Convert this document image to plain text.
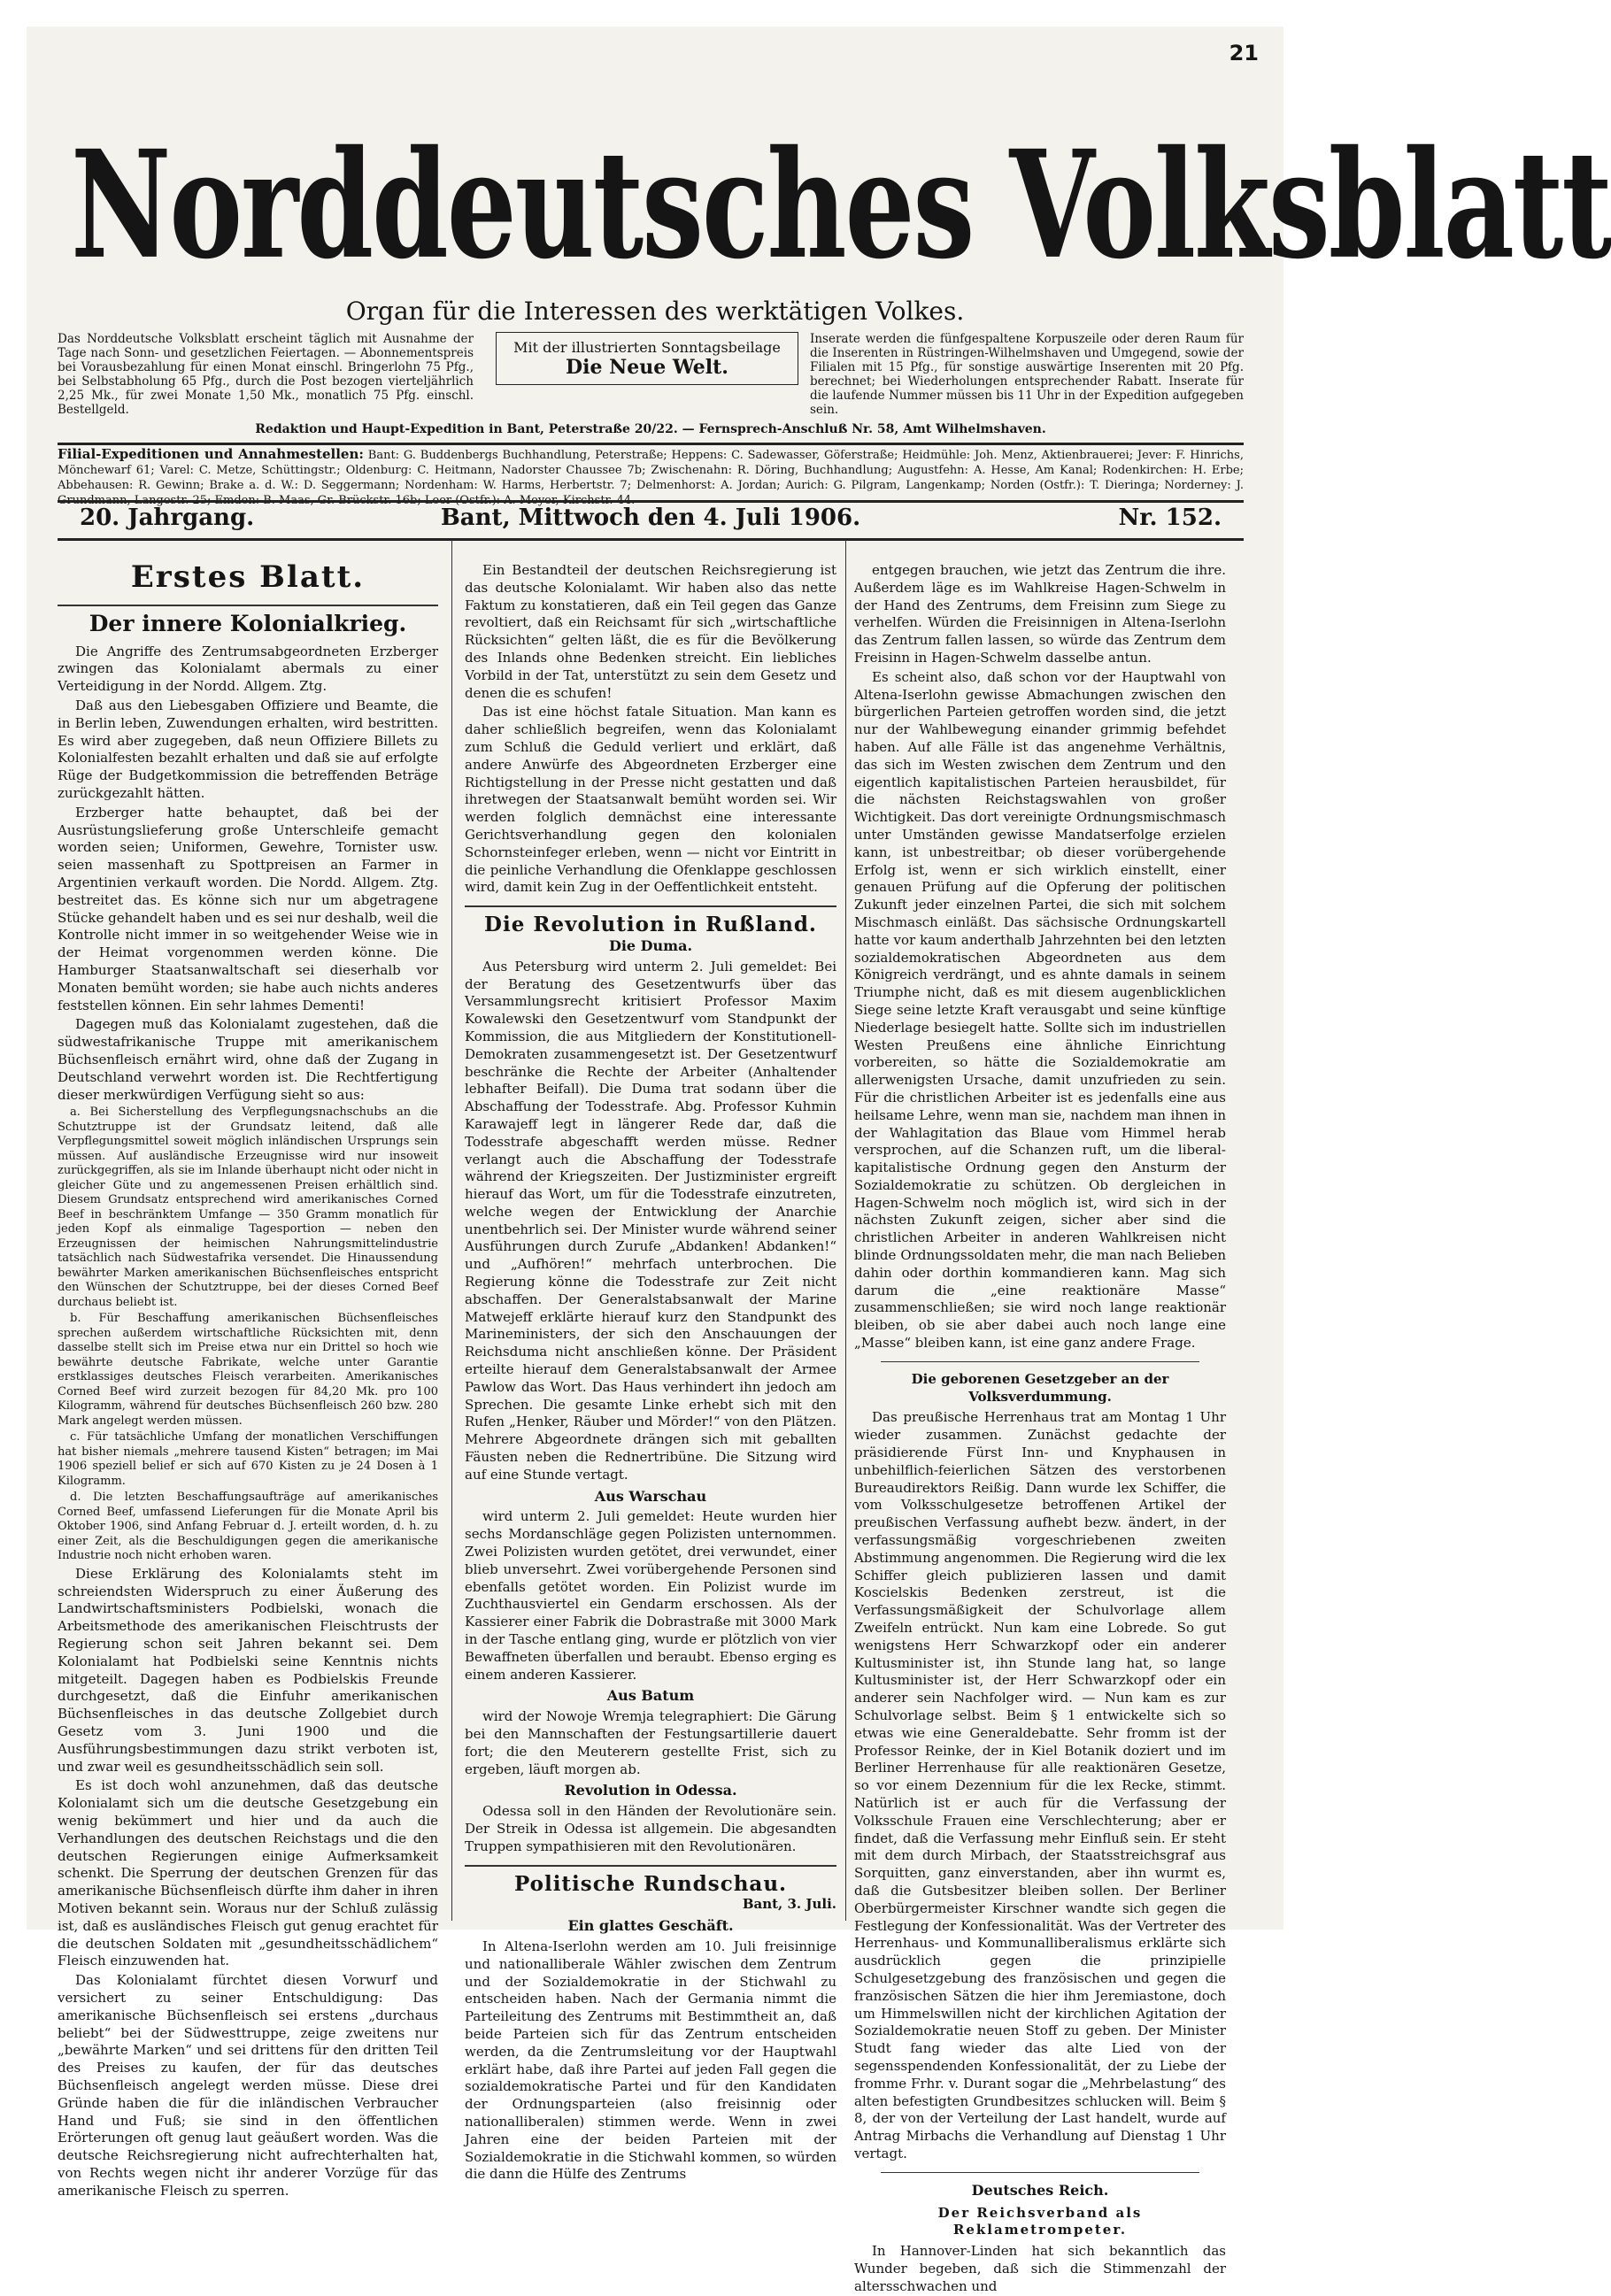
21
Norddeutsches Volksblatt
Organ für die Interessen des werktätigen Volkes.
Das Norddeutsche Volksblatt erscheint täglich mit Ausnahme der Tage nach Sonn- und gesetzlichen Feiertagen. — Abonnementspreis bei Vorausbezahlung für einen Monat einschl. Bringerlohn 75 Pfg., bei Selbstabholung 65 Pfg., durch die Post bezogen vierteljährlich 2,25 Mk., für zwei Monate 1,50 Mk., monatlich 75 Pfg. einschl. Bestellgeld.
Mit der illustrierten Sonntagsbeilage
Die Neue Welt.
Inserate werden die fünfgespaltene Korpuszeile oder deren Raum für die Inserenten in Rüstringen-Wilhelmshaven und Umgegend, sowie der Filialen mit 15 Pfg., für sonstige auswärtige Inserenten mit 20 Pfg. berechnet; bei Wiederholungen entsprechender Rabatt. Inserate für die laufende Nummer müssen bis 11 Uhr in der Expedition aufgegeben sein.
Redaktion und Haupt-Expedition in Bant, Peterstraße 20/22. — Fernsprech-Anschluß Nr. 58, Amt Wilhelmshaven.
Filial-Expeditionen und Annahmestellen: Bant: G. Buddenbergs Buchhandlung, Peterstraße; Heppens: C. Sadewasser, Göferstraße; Heidmühle: Joh. Menz, Aktienbrauerei; Jever: F. Hinrichs, Mönchewarf 61; Varel: C. Metze, Schüttingstr.; Oldenburg: C. Heitmann, Nadorster Chaussee 7b; Zwischenahn: R. Döring, Buchhandlung; Augustfehn: A. Hesse, Am Kanal; Rodenkirchen: H. Erbe; Abbehausen: R. Gewinn; Brake a. d. W.: D. Seggermann; Nordenham: W. Harms, Herbertstr. 7; Delmenhorst: A. Jordan; Aurich: G. Pilgram, Langenkamp; Norden (Ostfr.): T. Dieringa; Norderney: J. Grundmann, Langestr. 25; Emden: B. Maas, Gr. Brückstr. 16b; Leer (Ostfr.): A. Meyer, Kirchstr. 44.
20. Jahrgang.	Bant, Mittwoch den 4. Juli 1906.	Nr. 152.
Erstes Blatt.
Der innere Kolonialkrieg.

Die Angriffe des Zentrumsabgeordneten Erzberger zwingen das Kolonialamt abermals zu einer Verteidigung in der Nordd. Allgem. Ztg.

Daß aus den Liebesgaben Offiziere und Beamte, die in Berlin leben, Zuwendungen erhalten, wird bestritten. Es wird aber zugegeben, daß neun Offiziere Billets zu Kolonialfesten bezahlt erhalten und daß sie auf erfolgte Rüge der Budgetkommission die betreffenden Beträge zurückgezahlt hätten.

Erzberger hatte behauptet, daß bei der Ausrüstungslieferung große Unterschleife gemacht worden seien; Uniformen, Gewehre, Tornister usw. seien massenhaft zu Spottpreisen an Farmer in Argentinien verkauft worden. Die Nordd. Allgem. Ztg. bestreitet das. Es könne sich nur um abgetragene Stücke gehandelt haben und es sei nur deshalb, weil die Kontrolle nicht immer in so weitgehender Weise wie in der Heimat vorgenommen werden könne. Die Hamburger Staatsanwaltschaft sei dieserhalb vor Monaten bemüht worden; sie habe auch nichts anderes feststellen können. Ein sehr lahmes Dementi!

Dagegen muß das Kolonialamt zugestehen, daß die südwestafrikanische Truppe mit amerikanischem Büchsenfleisch ernährt wird, ohne daß der Zugang in Deutschland verwehrt worden ist. Die Rechtfertigung dieser merkwürdigen Verfügung sieht so aus:

a. Bei Sicherstellung des Verpflegungsnachschubs an die Schutztruppe ist der Grundsatz leitend, daß alle Verpflegungsmittel soweit möglich inländischen Ursprungs sein müssen. Auf ausländische Erzeugnisse wird nur insoweit zurückgegriffen, als sie im Inlande überhaupt nicht oder nicht in gleicher Güte und zu angemessenen Preisen erhältlich sind. Diesem Grundsatz entsprechend wird amerikanisches Corned Beef in beschränktem Umfange — 350 Gramm monatlich für jeden Kopf als einmalige Tagesportion — neben den Erzeugnissen der heimischen Nahrungsmittelindustrie tatsächlich nach Südwestafrika versendet. Die Hinaussendung bewährter Marken amerikanischen Büchsenfleisches entspricht den Wünschen der Schutztruppe, bei der dieses Corned Beef durchaus beliebt ist.

b. Für Beschaffung amerikanischen Büchsenfleisches sprechen außerdem wirtschaftliche Rücksichten mit, denn dasselbe stellt sich im Preise etwa nur ein Drittel so hoch wie bewährte deutsche Fabrikate, welche unter Garantie erstklassiges deutsches Fleisch verarbeiten. Amerikanisches Corned Beef wird zurzeit bezogen für 84,20 Mk. pro 100 Kilogramm, während für deutsches Büchsenfleisch 260 bzw. 280 Mark angelegt werden müssen.

c. Für tatsächliche Umfang der monatlichen Verschiffungen hat bisher niemals „mehrere tausend Kisten“ betragen; im Mai 1906 speziell belief er sich auf 670 Kisten zu je 24 Dosen à 1 Kilogramm.

d. Die letzten Beschaffungsaufträge auf amerikanisches Corned Beef, umfassend Lieferungen für die Monate April bis Oktober 1906, sind Anfang Februar d. J. erteilt worden, d. h. zu einer Zeit, als die Beschuldigungen gegen die amerikanische Industrie noch nicht erhoben waren.

Diese Erklärung des Kolonialamts steht im schreiendsten Widerspruch zu einer Äußerung des Landwirtschaftsministers Podbielski, wonach die Arbeitsmethode des amerikanischen Fleischtrusts der Regierung schon seit Jahren bekannt sei. Dem Kolonialamt hat Podbielski seine Kenntnis nichts mitgeteilt. Dagegen haben es Podbielskis Freunde durchgesetzt, daß die Einfuhr amerikanischen Büchsenfleisches in das deutsche Zollgebiet durch Gesetz vom 3. Juni 1900 und die Ausführungsbestimmungen dazu strikt verboten ist, und zwar weil es gesundheitsschädlich sein soll.

Es ist doch wohl anzunehmen, daß das deutsche Kolonialamt sich um die deutsche Gesetzgebung ein wenig bekümmert und hier und da auch die Verhandlungen des deutschen Reichstags und die den deutschen Regierungen einige Aufmerksamkeit schenkt. Die Sperrung der deutschen Grenzen für das amerikanische Büchsenfleisch dürfte ihm daher in ihren Motiven bekannt sein. Woraus nur der Schluß zulässig ist, daß es ausländisches Fleisch gut genug erachtet für die deutschen Soldaten mit „gesundheitsschädlichem“ Fleisch einzuwenden hat.

Das Kolonialamt fürchtet diesen Vorwurf und versichert zu seiner Entschuldigung: Das amerikanische Büchsenfleisch sei erstens „durchaus beliebt“ bei der Südwesttruppe, zeige zweitens nur „bewährte Marken“ und sei drittens für den dritten Teil des Preises zu kaufen, der für das deutsches Büchsenfleisch angelegt werden müsse. Diese drei Gründe haben die für die inländischen Verbraucher Hand und Fuß; sie sind in den öffentlichen Erörterungen oft genug laut geäußert worden. Was die deutsche Reichsregierung nicht aufrechterhalten hat, von Rechts wegen nicht ihr anderer Vorzüge für das amerikanische Fleisch zu sperren.

Ein Bestandteil der deutschen Reichsregierung ist das deutsche Kolonialamt. Wir haben also das nette Faktum zu konstatieren, daß ein Teil gegen das Ganze revoltiert, daß ein Reichsamt für sich „wirtschaftliche Rücksichten“ gelten läßt, die es für die Bevölkerung des Inlands ohne Bedenken streicht. Ein liebliches Vorbild in der Tat, unterstützt zu sein dem Gesetz und denen die es schufen!

Das ist eine höchst fatale Situation. Man kann es daher schließlich begreifen, wenn das Kolonialamt zum Schluß die Geduld verliert und erklärt, daß andere Anwürfe des Abgeordneten Erzberger eine Richtigstellung in der Presse nicht gestatten und daß ihretwegen der Staatsanwalt bemüht worden sei. Wir werden folglich demnächst eine interessante Gerichtsverhandlung gegen den kolonialen Schornsteinfeger erleben, wenn — nicht vor Eintritt in die peinliche Verhandlung die Ofenklappe geschlossen wird, damit kein Zug in der Oeffentlichkeit entsteht.

Die Revolution in Rußland.
Die Duma.

Aus Petersburg wird unterm 2. Juli gemeldet: Bei der Beratung des Gesetzentwurfs über das Versammlungsrecht kritisiert Professor Maxim Kowalewski den Gesetzentwurf vom Standpunkt der Kommission, die aus Mitgliedern der Konstitutionell-Demokraten zusammengesetzt ist. Der Gesetzentwurf beschränke die Rechte der Arbeiter (Anhaltender lebhafter Beifall). Die Duma trat sodann über die Abschaffung der Todesstrafe. Abg. Professor Kuhmin Karawajeff legt in längerer Rede dar, daß die Todesstrafe abgeschafft werden müsse. Redner verlangt auch die Abschaffung der Todesstrafe während der Kriegszeiten. Der Justizminister ergreift hierauf das Wort, um für die Todesstrafe einzutreten, welche wegen der Entwicklung der Anarchie unentbehrlich sei. Der Minister wurde während seiner Ausführungen durch Zurufe „Abdanken! Abdanken!“ und „Aufhören!“ mehrfach unterbrochen. Die Regierung könne die Todesstrafe zur Zeit nicht abschaffen. Der Generalstabsanwalt der Marine Matwejeff erklärte hierauf kurz den Standpunkt des Marineministers, der sich den Anschauungen der Reichsduma nicht anschließen könne. Der Präsident erteilte hierauf dem Generalstabsanwalt der Armee Pawlow das Wort. Das Haus verhindert ihn jedoch am Sprechen. Die gesamte Linke erhebt sich mit den Rufen „Henker, Räuber und Mörder!“ von den Plätzen. Mehrere Abgeordnete drängen sich mit geballten Fäusten neben die Rednertribüne. Die Sitzung wird auf eine Stunde vertagt.

Aus Warschau

wird unterm 2. Juli gemeldet: Heute wurden hier sechs Mordanschläge gegen Polizisten unternommen. Zwei Polizisten wurden getötet, drei verwundet, einer blieb unversehrt. Zwei vorübergehende Personen sind ebenfalls getötet worden. Ein Polizist wurde im Zuchthausviertel ein Gendarm erschossen. Als der Kassierer einer Fabrik die Dobrastraße mit 3000 Mark in der Tasche entlang ging, wurde er plötzlich von vier Bewaffneten überfallen und beraubt. Ebenso erging es einem anderen Kassierer.

Aus Batum

wird der Nowoje Wremja telegraphiert: Die Gärung bei den Mannschaften der Festungsartillerie dauert fort; die den Meuterern gestellte Frist, sich zu ergeben, läuft morgen ab.

Revolution in Odessa.

Odessa soll in den Händen der Revolutionäre sein. Der Streik in Odessa ist allgemein. Die abgesandten Truppen sympathisieren mit den Revolutionären.

Politische Rundschau.
Bant, 3. Juli.
Ein glattes Geschäft.

In Altena-Iserlohn werden am 10. Juli freisinnige und nationalliberale Wähler zwischen dem Zentrum und der Sozialdemokratie in der Stichwahl zu entscheiden haben. Nach der Germania nimmt die Parteileitung des Zentrums mit Bestimmtheit an, daß beide Parteien sich für das Zentrum entscheiden werden, da die Zentrumsleitung vor der Hauptwahl erklärt habe, daß ihre Partei auf jeden Fall gegen die sozialdemokratische Partei und für den Kandidaten der Ordnungsparteien (also freisinnig oder nationalliberalen) stimmen werde. Wenn in zwei Jahren eine der beiden Parteien mit der Sozialdemokratie in die Stichwahl kommen, so würden die dann die Hülfe des Zentrums

entgegen brauchen, wie jetzt das Zentrum die ihre. Außerdem läge es im Wahlkreise Hagen-Schwelm in der Hand des Zentrums, dem Freisinn zum Siege zu verhelfen. Würden die Freisinnigen in Altena-Iserlohn das Zentrum fallen lassen, so würde das Zentrum dem Freisinn in Hagen-Schwelm dasselbe antun.

Es scheint also, daß schon vor der Hauptwahl von Altena-Iserlohn gewisse Abmachungen zwischen den bürgerlichen Parteien getroffen worden sind, die jetzt nur der Wahlbewegung einander grimmig befehdet haben. Auf alle Fälle ist das angenehme Verhältnis, das sich im Westen zwischen dem Zentrum und den eigentlich kapitalistischen Parteien herausbildet, für die nächsten Reichstagswahlen von großer Wichtigkeit. Das dort vereinigte Ordnungsmischmasch unter Umständen gewisse Mandatserfolge erzielen kann, ist unbestreitbar; ob dieser vorübergehende Erfolg ist, wenn er sich wirklich einstellt, einer genauen Prüfung auf die Opferung der politischen Zukunft jeder einzelnen Partei, die sich mit solchem Mischmasch einläßt. Das sächsische Ordnungskartell hatte vor kaum anderthalb Jahrzehnten bei den letzten sozialdemokratischen Abgeordneten aus dem Königreich verdrängt, und es ahnte damals in seinem Triumphe nicht, daß es mit diesem augenblicklichen Siege seine letzte Kraft verausgabt und seine künftige Niederlage besiegelt hatte. Sollte sich im industriellen Westen Preußens eine ähnliche Einrichtung vorbereiten, so hätte die Sozialdemokratie am allerwenigsten Ursache, damit unzufrieden zu sein. Für die christlichen Arbeiter ist es jedenfalls eine aus heilsame Lehre, wenn man sie, nachdem man ihnen in der Wahlagitation das Blaue vom Himmel herab versprochen, auf die Schanzen ruft, um die liberal-kapitalistische Ordnung gegen den Ansturm der Sozialdemokratie zu schützen. Ob dergleichen in Hagen-Schwelm noch möglich ist, wird sich in der nächsten Zukunft zeigen, sicher aber sind die christlichen Arbeiter in anderen Wahlkreisen nicht blinde Ordnungssoldaten mehr, die man nach Belieben dahin oder dorthin kommandieren kann. Mag sich darum die „eine reaktionäre Masse“ zusammenschließen; sie wird noch lange reaktionär bleiben, ob sie aber dabei auch noch lange eine „Masse“ bleiben kann, ist eine ganz andere Frage.

Die geborenen Gesetzgeber an der Volksverdummung.

Das preußische Herrenhaus trat am Montag 1 Uhr wieder zusammen. Zunächst gedachte der präsidierende Fürst Inn- und Knyphausen in unbehilflich-feierlichen Sätzen des verstorbenen Bureaudirektors Reißig. Dann wurde lex Schiffer, die vom Volksschulgesetze betroffenen Artikel der preußischen Verfassung aufhebt bezw. ändert, in der verfassungsmäßig vorgeschriebenen zweiten Abstimmung angenommen. Die Regierung wird die lex Schiffer gleich publizieren lassen und damit Koscielskis Bedenken zerstreut, ist die Verfassungsmäßigkeit der Schulvorlage allem Zweifeln entrückt. Nun kam eine Lobrede. So gut wenigstens Herr Schwarzkopf oder ein anderer Kultusminister ist, ihn Stunde lang hat, so lange Kultusminister ist, der Herr Schwarzkopf oder ein anderer sein Nachfolger wird. — Nun kam es zur Schulvorlage selbst. Beim § 1 entwickelte sich so etwas wie eine Generaldebatte. Sehr fromm ist der Professor Reinke, der in Kiel Botanik doziert und im Berliner Herrenhause für alle reaktionären Gesetze, so vor einem Dezennium für die lex Recke, stimmt. Natürlich ist er auch für die Verfassung der Volksschule Frauen eine Verschlechterung; aber er findet, daß die Verfassung mehr Einfluß sein. Er steht mit dem durch Mirbach, der Staatsstreichsgraf aus Sorquitten, ganz einverstanden, aber ihn wurmt es, daß die Gutsbesitzer bleiben sollen. Der Berliner Oberbürgermeister Kirschner wandte sich gegen die Festlegung der Konfessionalität. Was der Vertreter des Herrenhaus- und Kommunalliberalismus erklärte sich ausdrücklich gegen die prinzipielle Schulgesetzgebung des französischen und gegen die französischen Sätzen die hier ihm Jeremiastone, doch um Himmelswillen nicht der kirchlichen Agitation der Sozialdemokratie neuen Stoff zu geben. Der Minister Studt fang wieder das alte Lied von der segensspendenden Konfessionalität, der zu Liebe der fromme Frhr. v. Durant sogar die „Mehrbelastung“ des alten befestigten Grundbesitzes schlucken will. Beim § 8, der von der Verteilung der Last handelt, wurde auf Antrag Mirbachs die Verhandlung auf Dienstag 1 Uhr vertagt.

Deutsches Reich.
Der Reichsverband als Reklametrompeter.

In Hannover-Linden hat sich bekanntlich das Wunder begeben, daß sich die Stimmenzahl der altersschwachen und
